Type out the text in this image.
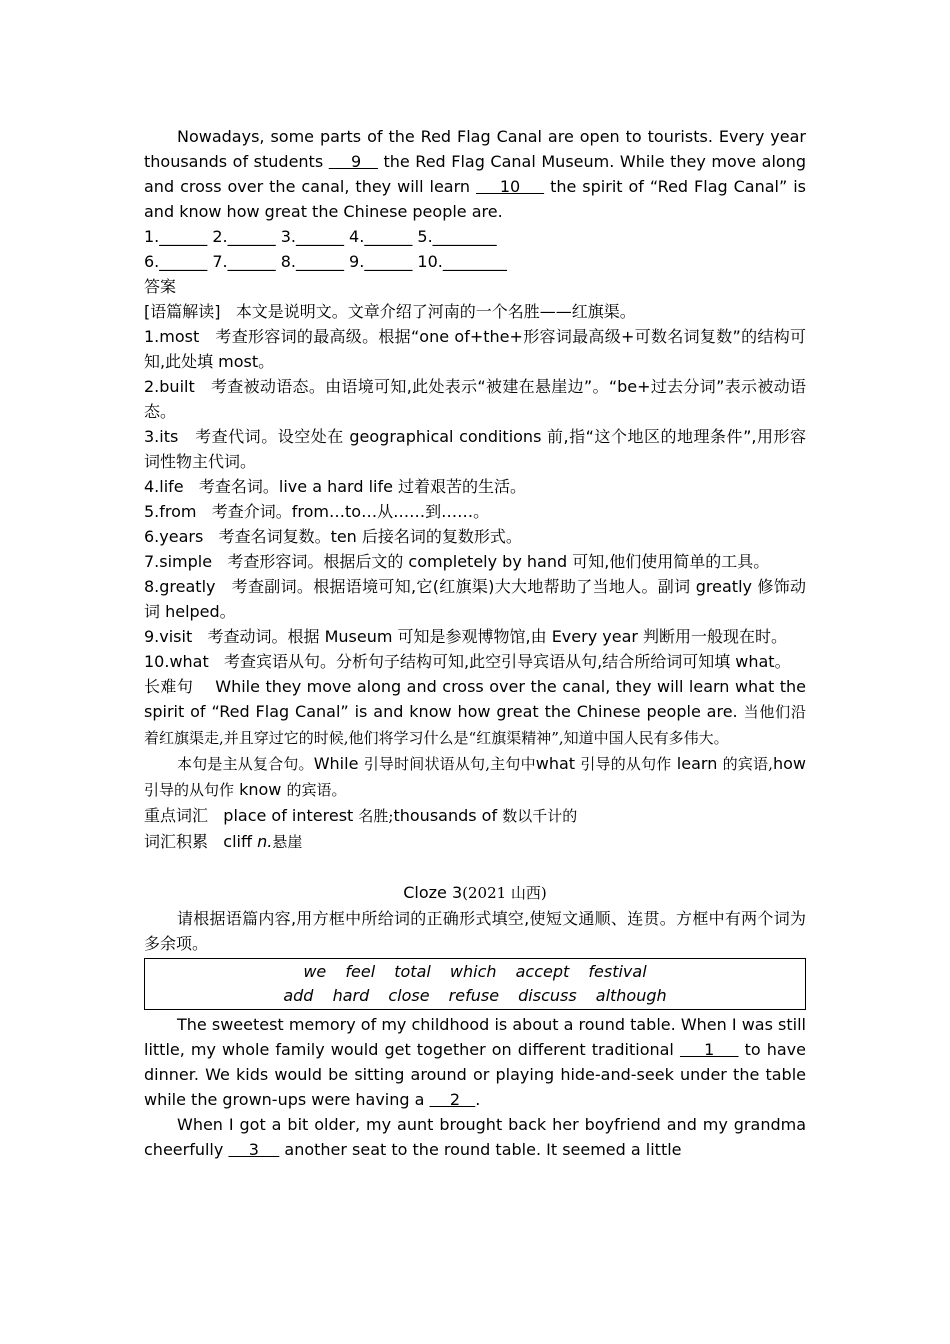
Nowadays, some parts of the Red Flag Canal are open to tourists. Every year thousands of students     9    the Red Flag Canal Museum. While they move along and cross over the canal, they will learn     10     the spirit of “Red Flag Canal” is and know how great the Chinese people are.

1.______ 2.______ 3.______ 4.______ 5.________

6.______ 7.______ 8.______ 9.______ 10.________

答案

[语篇解读] 本文是说明文。文章介绍了河南的一个名胜——红旗渠。

1.most 考查形容词的最高级。根据“one of+the+形容词最高级+可数名词复数”的结构可知,此处填 most。

2.built 考查被动语态。由语境可知,此处表示“被建在悬崖边”。“be+过去分词”表示被动语态。

3.its 考查代词。设空处在 geographical conditions 前,指“这个地区的地理条件”,用形容词性物主代词。

4.life 考查名词。live a hard life 过着艰苦的生活。

5.from 考查介词。from…to…从……到……。

6.years 考查名词复数。ten 后接名词的复数形式。

7.simple 考查形容词。根据后文的 completely by hand 可知,他们使用简单的工具。

8.greatly 考查副词。根据语境可知,它(红旗渠)大大地帮助了当地人。副词 greatly 修饰动词 helped。

9.visit 考查动词。根据 Museum 可知是参观博物馆,由 Every year 判断用一般现在时。

10.what 考查宾语从句。分析句子结构可知,此空引导宾语从句,结合所给词可知填 what。

长难句 While they move along and cross over the canal, they will learn what the spirit of “Red Flag Canal” is and know how great the Chinese people are. 当他们沿着红旗渠走,并且穿过它的时候,他们将学习什么是“红旗渠精神”,知道中国人民有多伟大。

本句是主从复合句。While 引导时间状语从句,主句中what 引导的从句作 learn 的宾语,how 引导的从句作 know 的宾语。

重点词汇 place of interest 名胜;thousands of 数以千计的

词汇积累 cliff n.悬崖

Cloze 3(2021 山西)

请根据语篇内容,用方框中所给词的正确形式填空,使短文通顺、连贯。方框中有两个词为多余项。

we feel total which accept festival

add hard close refuse discuss although

The sweetest memory of my childhood is about a round table. When I was still little, my whole family would get together on different traditional     1     to have dinner. We kids would be sitting around or playing hide-and-seek under the table while the grown-ups were having a     2   .

When I got a bit older, my aunt brought back her boyfriend and my grandma cheerfully     3     another seat to the round table. It seemed a little
